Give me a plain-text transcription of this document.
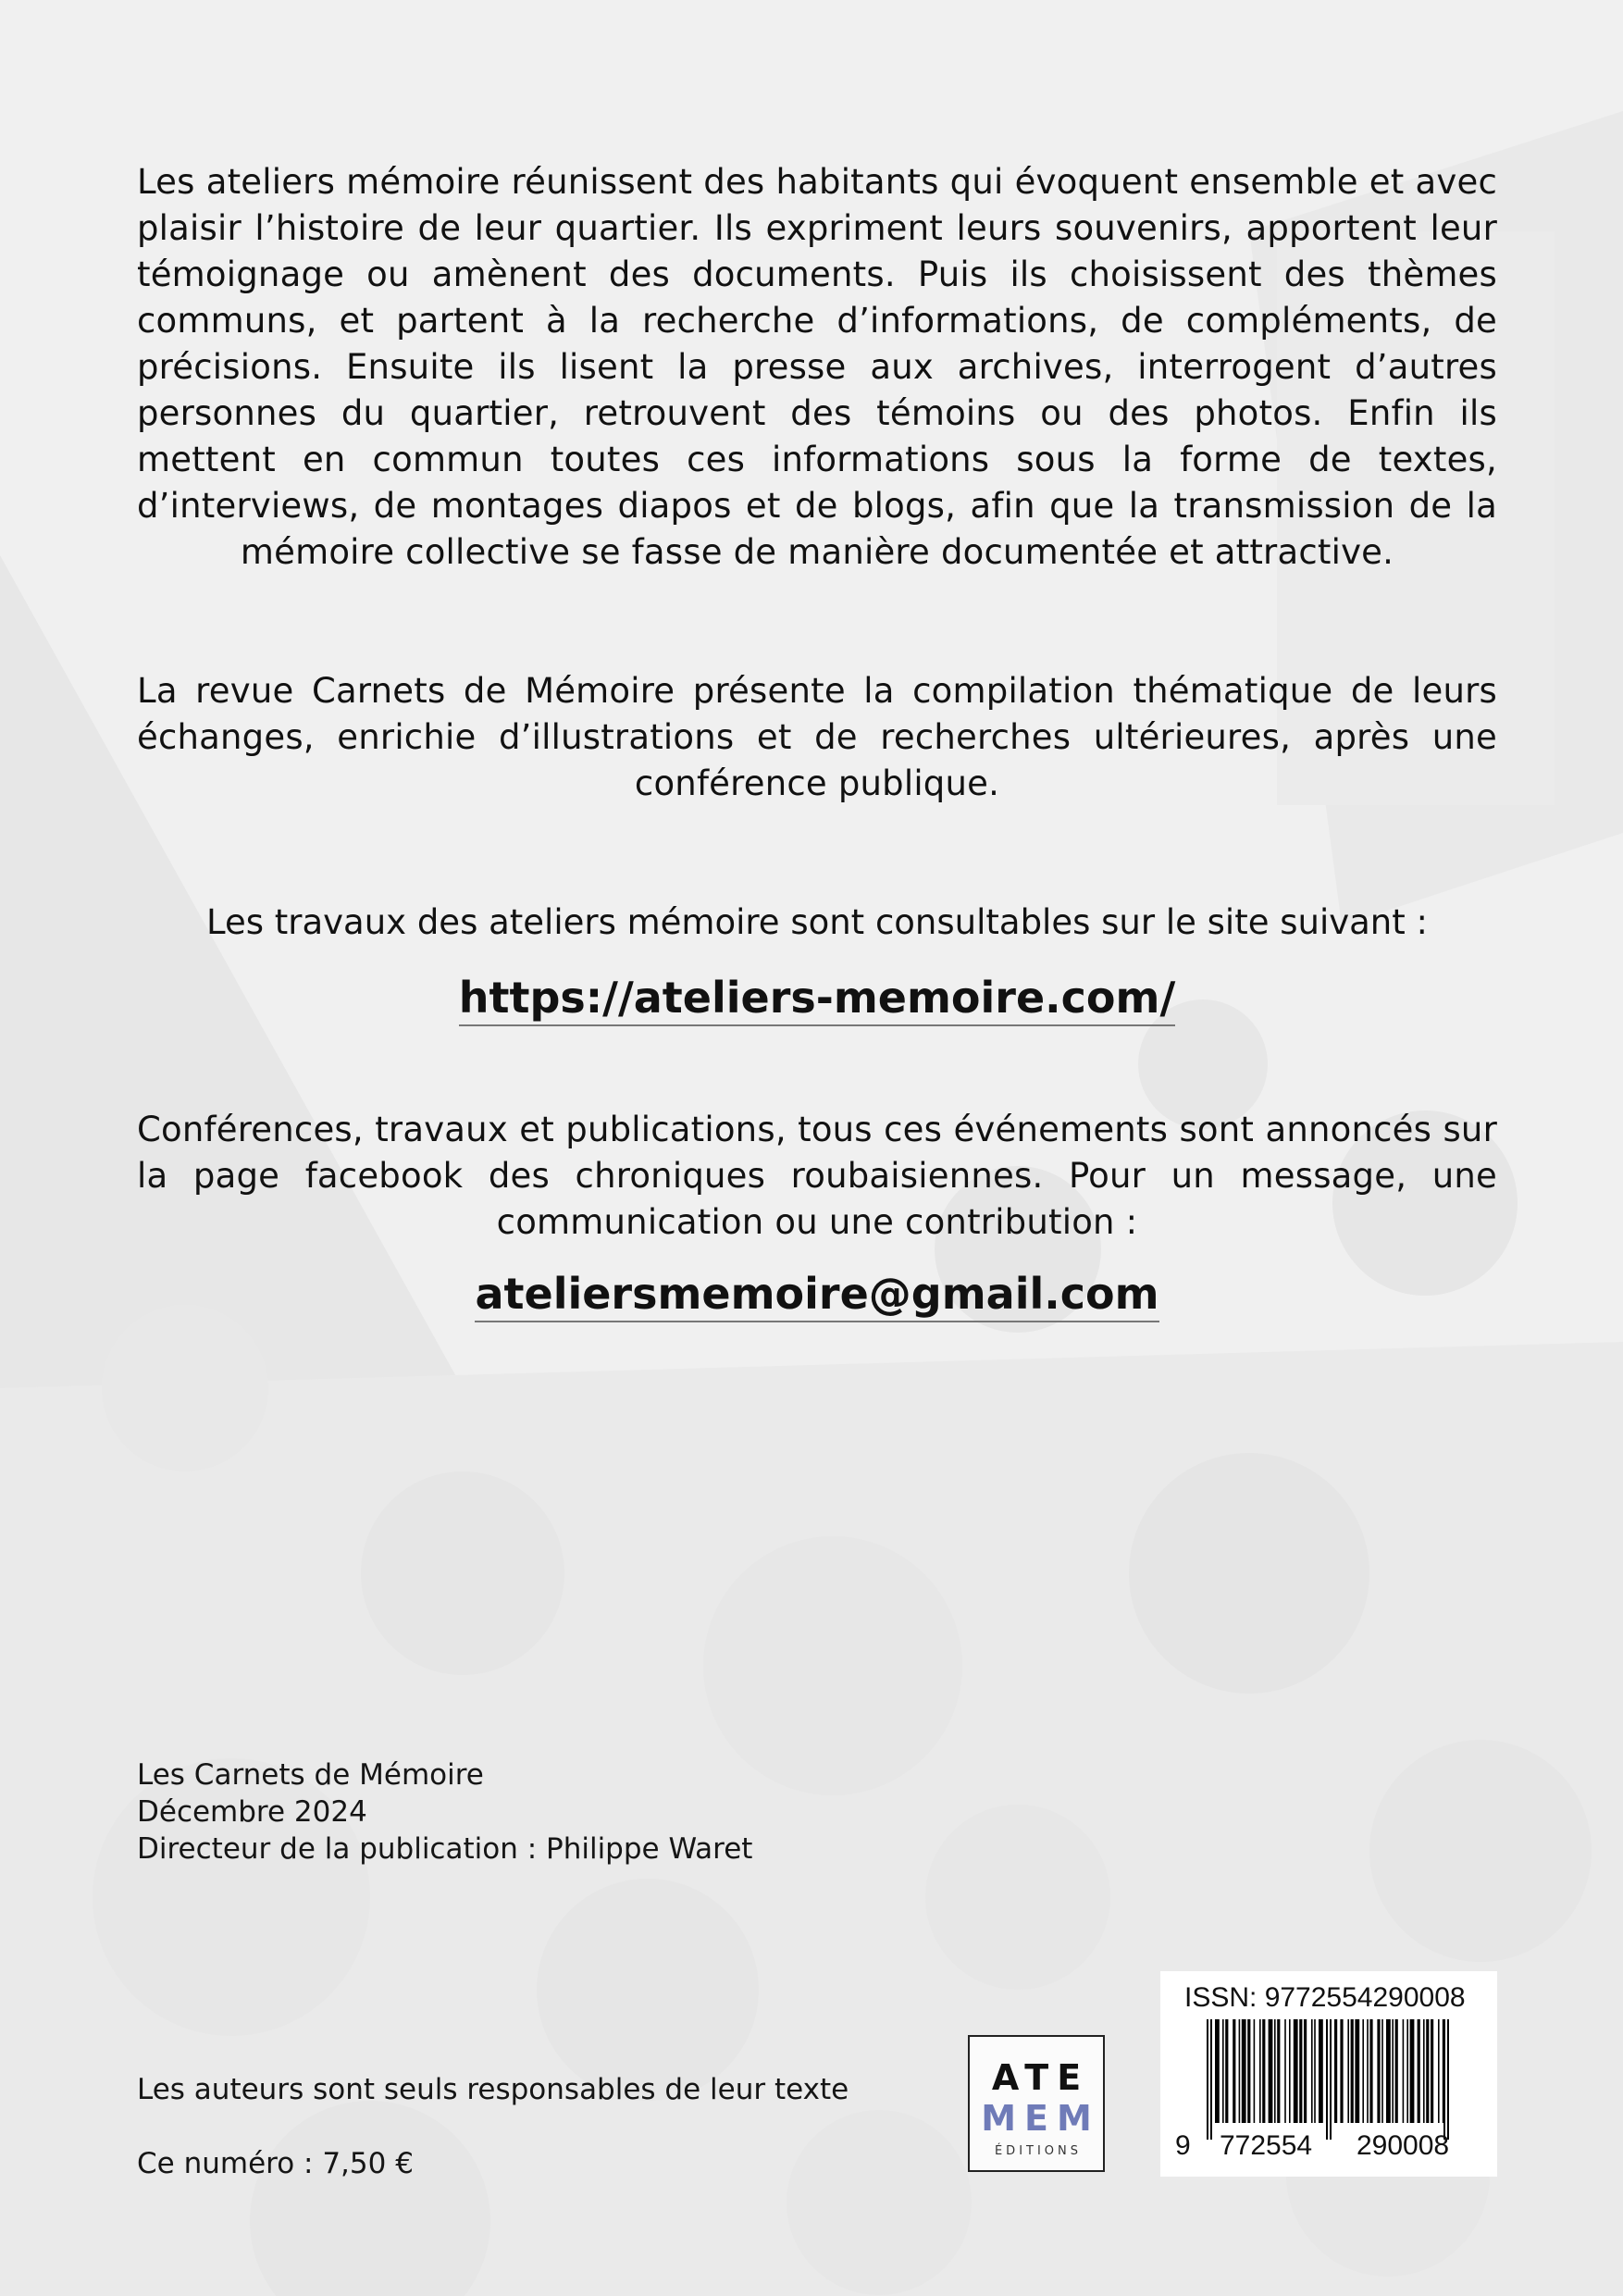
Les ateliers mémoire réunissent des habitants qui évoquent ensemble et avec plaisir l’histoire de leur quartier. Ils expriment leurs souvenirs, apportent leur témoignage ou amènent des documents. Puis ils choisissent des thèmes communs, et partent à la recherche d’informations, de compléments, de précisions. Ensuite ils lisent la presse aux archives, interrogent d’autres personnes du quartier, retrouvent des témoins ou des photos. Enfin ils mettent en commun toutes ces informations sous la forme de textes, d’interviews, de montages diapos et de blogs, afin que la transmission de la mémoire collective se fasse de manière documentée et attractive.
La revue Carnets de Mémoire présente la compilation thématique de leurs échanges, enrichie d’illustrations et de recherches ultérieures, après une conférence publique.
Les travaux des ateliers mémoire sont consultables sur le site suivant :
https://ateliers-memoire.com/
Conférences, travaux et publications, tous ces événements sont annoncés sur la page facebook des chroniques roubaisiennes. Pour un message, une communication ou une contribution :
ateliersmemoire@gmail.com
Les Carnets de Mémoire
Décembre 2024
Directeur de la publication : Philippe Waret
Les auteurs sont seuls responsables de leur texte
Ce numéro : 7,50 €
ATE
MEM
ÉDITIONS
ISSN: 9772554290008
9 772554 290008
